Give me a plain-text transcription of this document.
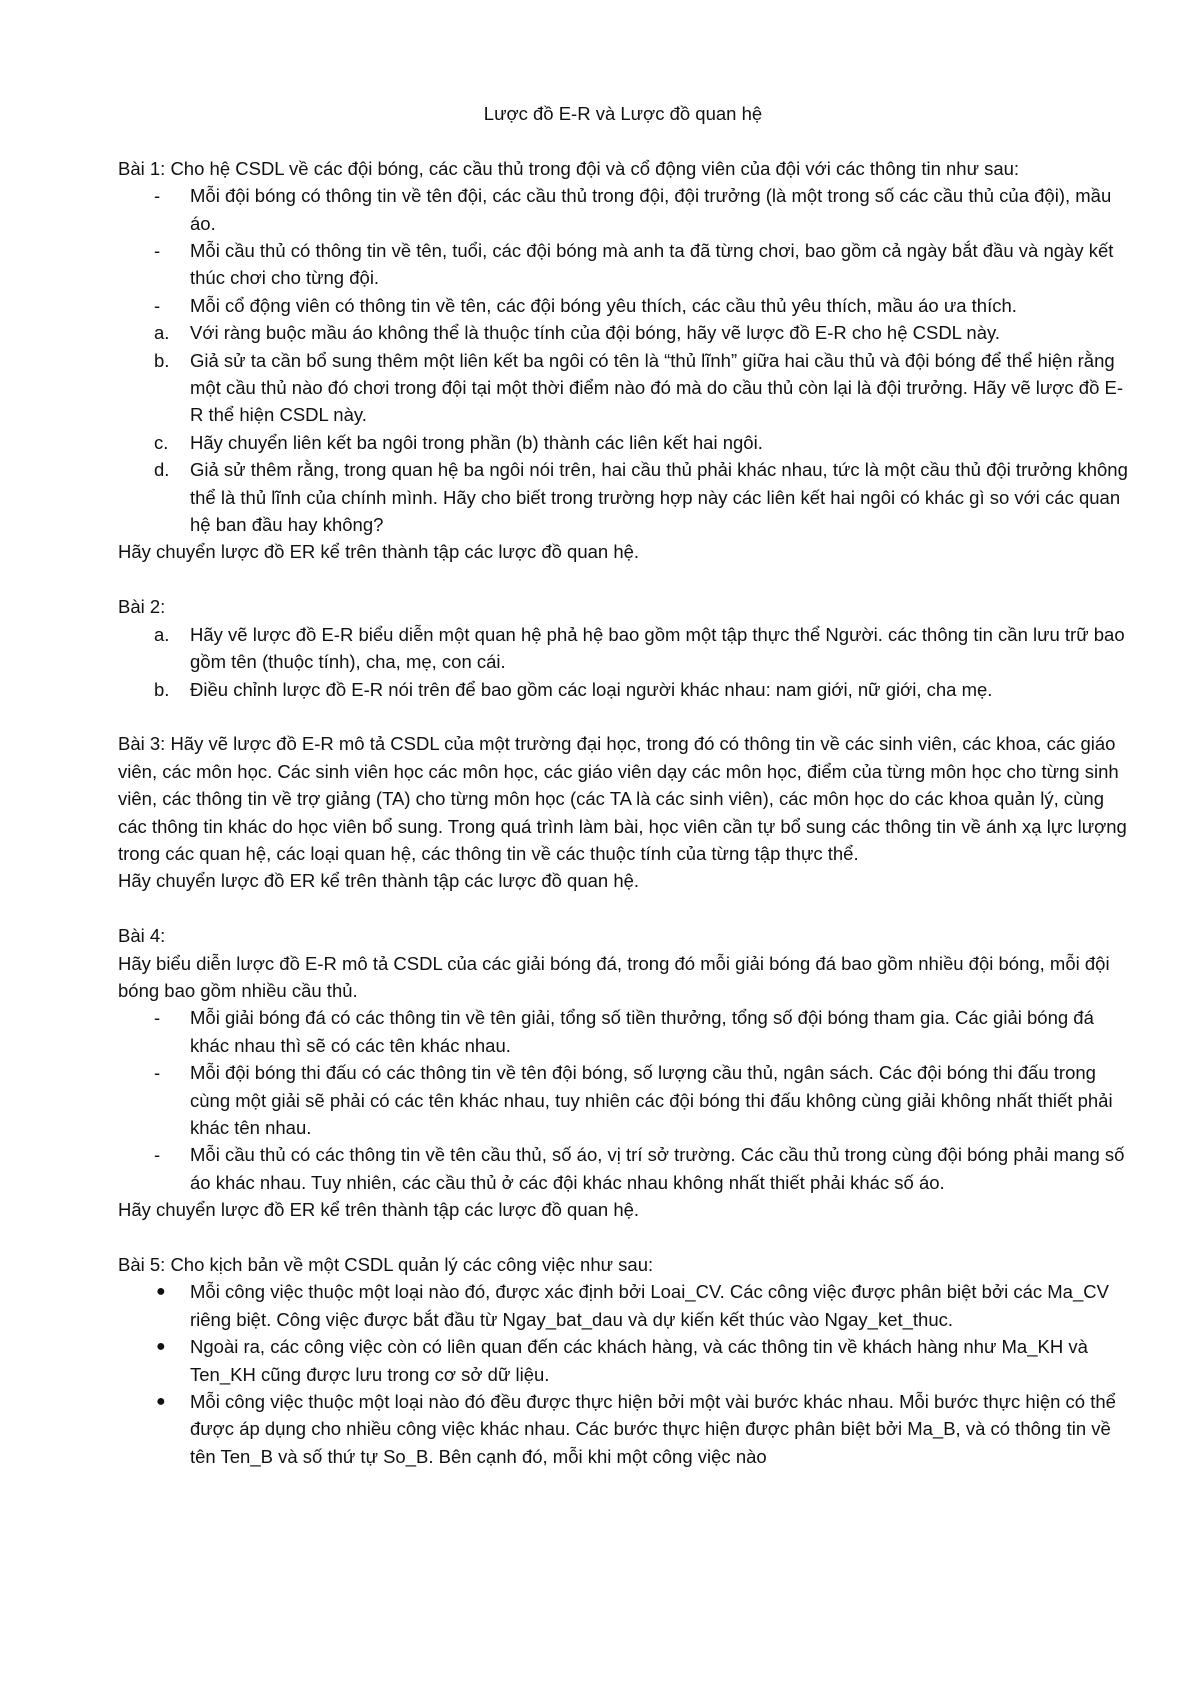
Lược đồ E-R và Lược đồ quan hệ

Bài 1: Cho hệ CSDL về các đội bóng, các cầu thủ trong đội và cổ động viên của đội với các thông tin như sau:

-	Mỗi đội bóng có thông tin về tên đội, các cầu thủ trong đội, đội trưởng (là một trong số các cầu thủ của đội), mầu áo.
-	Mỗi cầu thủ có thông tin về tên, tuổi, các đội bóng mà anh ta đã từng chơi, bao gồm cả ngày bắt đầu và ngày kết thúc chơi cho từng đội.
-	Mỗi cổ động viên có thông tin về tên, các đội bóng yêu thích, các cầu thủ yêu thích, mầu áo ưa thích.
a.	Với ràng buộc mầu áo không thể là thuộc tính của đội bóng, hãy vẽ lược đồ E-R cho hệ CSDL này.
b.	Giả sử ta cần bổ sung thêm một liên kết ba ngôi có tên là “thủ lĩnh” giữa hai cầu thủ và đội bóng để thể hiện rằng một cầu thủ nào đó chơi trong đội tại một thời điểm nào đó mà do cầu thủ còn lại là đội trưởng. Hãy vẽ lược đồ E-R thể hiện CSDL này.
c.	Hãy chuyển liên kết ba ngôi trong phần (b) thành các liên kết hai ngôi.
d.	Giả sử thêm rằng, trong quan hệ ba ngôi nói trên, hai cầu thủ phải khác nhau, tức là một cầu thủ đội trưởng không thể là thủ lĩnh của chính mình. Hãy cho biết trong trường hợp này các liên kết hai ngôi có khác gì so với các quan hệ ban đầu hay không?

Hãy chuyển lược đồ ER kể trên thành tập các lược đồ quan hệ.

Bài 2:

a.	Hãy vẽ lược đồ E-R biểu diễn một quan hệ phả hệ bao gồm một tập thực thể Người. các thông tin cần lưu trữ bao gồm tên (thuộc tính), cha, mẹ, con cái.
b.	Điều chỉnh lược đồ E-R nói trên để bao gồm các loại người khác nhau: nam giới, nữ giới, cha mẹ.

Bài 3: Hãy vẽ lược đồ E-R mô tả CSDL của một trường đại học, trong đó có thông tin về các sinh viên, các khoa, các giáo viên, các môn học. Các sinh viên học các môn học, các giáo viên dạy các môn học, điểm của từng môn học cho từng sinh viên, các thông tin về trợ giảng (TA) cho từng môn học (các TA là các sinh viên), các môn học do các khoa quản lý, cùng các thông tin khác do học viên bổ sung. Trong quá trình làm bài, học viên cần tự bổ sung các thông tin về ánh xạ lực lượng trong các quan hệ, các loại quan hệ, các thông tin về các thuộc tính của từng tập thực thể.

Hãy chuyển lược đồ ER kể trên thành tập các lược đồ quan hệ.

Bài 4:

Hãy biểu diễn lược đồ E-R mô tả CSDL của các giải bóng đá, trong đó mỗi giải bóng đá bao gồm nhiều đội bóng, mỗi đội bóng bao gồm nhiều cầu thủ.

-	Mỗi giải bóng đá có các thông tin về tên giải, tổng số tiền thưởng, tổng số đội bóng tham gia. Các giải bóng đá khác nhau thì sẽ có các tên khác nhau.
-	Mỗi đội bóng thi đấu có các thông tin về tên đội bóng, số lượng cầu thủ, ngân sách. Các đội bóng thi đấu trong cùng một giải sẽ phải có các tên khác nhau, tuy nhiên các đội bóng thi đấu không cùng giải không nhất thiết phải khác tên nhau.
-	Mỗi cầu thủ có các thông tin về tên cầu thủ, số áo, vị trí sở trường. Các cầu thủ trong cùng đội bóng phải mang số áo khác nhau. Tuy nhiên, các cầu thủ ở các đội khác nhau không nhất thiết phải khác số áo.

Hãy chuyển lược đồ ER kể trên thành tập các lược đồ quan hệ.

Bài 5: Cho kịch bản về một CSDL quản lý các công việc như sau:

●	Mỗi công việc thuộc một loại nào đó, được xác định bởi Loai_CV. Các công việc được phân biệt bởi các Ma_CV riêng biệt. Công việc được bắt đầu từ Ngay_bat_dau và dự kiến kết thúc vào Ngay_ket_thuc.
●	Ngoài ra, các công việc còn có liên quan đến các khách hàng, và các thông tin về khách hàng như Ma_KH và Ten_KH cũng được lưu trong cơ sở dữ liệu.
●	Mỗi công việc thuộc một loại nào đó đều được thực hiện bởi một vài bước khác nhau. Mỗi bước thực hiện có thể được áp dụng cho nhiều công việc khác nhau. Các bước thực hiện được phân biệt bởi Ma_B, và có thông tin về tên Ten_B và số thứ tự So_B. Bên cạnh đó, mỗi khi một công việc nào
